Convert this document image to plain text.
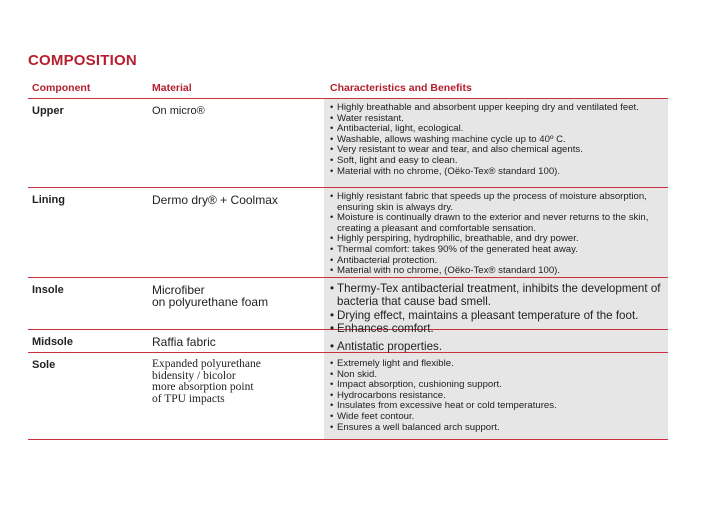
COMPOSITION
Component	Material	Characteristics and Benefits
Upper	On micro®	• Highly breathable and absorbent upper keeping dry and ventilated feet.
• Water resistant.
• Antibacterial, light, ecological.
• Washable, allows washing machine cycle up to 40º C.
• Very resistant to wear and tear, and also chemical agents.
• Soft, light and easy to clean.
• Material with no chrome, (Oëko-Tex® standard 100).
Lining	Dermo dry® + Coolmax	• Highly resistant fabric that speeds up the process of moisture absorption, ensuring skin is always dry.
• Moisture is continually drawn to the exterior and never returns to the skin, creating a pleasant and comfortable sensation.
• Highly perspiring, hydrophilic, breathable, and dry power.
• Thermal comfort: takes 90% of the generated heat away.
• Antibacterial protection.
• Material with no chrome, (Oëko-Tex® standard 100).
Insole	Microfiber
on polyurethane foam
• Thermy-Tex antibacterial treatment, inhibits the development of bacteria that cause bad smell.
• Drying effect, maintains a pleasant temperature of the foot.
• Enhances comfort.
Midsole	Raffia fabric	• Antistatic properties.
Sole	Expanded polyurethane
bidensity / bicolor
more absorption point
of TPU impacts
• Extremely light and flexible.
• Non skid.
• Impact absorption, cushioning support.
• Hydrocarbons resistance.
• Insulates from excessive heat or cold temperatures.
• Wide feet contour.
• Ensures a well balanced arch support.
